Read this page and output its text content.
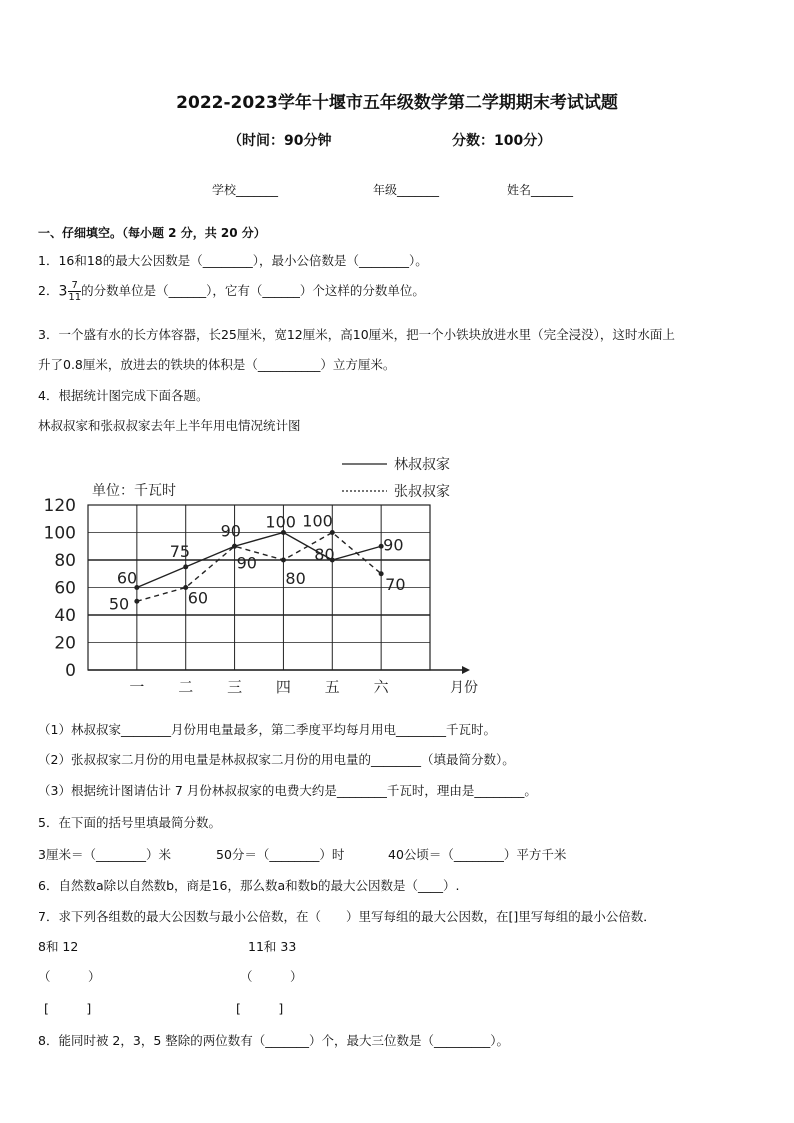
2022-2023学年十堰市五年级数学第二学期期末考试试题
（时间：90分钟	分数：100分）
学校_______	年级_______	姓名_______
一、仔细填空。（每小题 2 分，共 20 分）
1．16和18的最大公因数是（________），最小公倍数是（________）。
2．$3 \frac{7}{11}$ 的分数单位是（______），它有（______）个这样的分数单位。
3．一个盛有水的长方体容器，长25厘米，宽12厘米，高10厘米，把一个小铁块放进水里（完全浸没），这时水面上
升了0.8厘米，放进去的铁块的体积是（__________）立方厘米。
4．根据统计图完成下面各题。
林叔叔家和张叔叔家去年上半年用电情况统计图
0
20
40
60
80
100
120
一 二 三 四 五 六	月份
单位：千瓦时
60
75
90 100
80
90
50	60
90
80
100
70
林叔叔家
张叔叔家
（1）林叔叔家________月份用电量最多，第二季度平均每月用电________千瓦时。
（2）张叔叔家二月份的用电量是林叔叔家二月份的用电量的________（填最简分数）。
（3）根据统计图请估计 7 月份林叔叔家的电费大约是________千瓦时，理由是________。
5．在下面的括号里填最简分数。
3厘米＝（________）米	50分＝（________）时	40公顷＝（________）平方千米
6．自然数a除以自然数b，商是16，那么数a和数b的最大公因数是（____）.
7．求下列各组数的最大公因数与最小公倍数，在（　　）里写每组的最大公因数，在[]里写每组的最小公倍数．
8和 12	11和 33
（　　　）	（　　　）
[　　　]	[　　　]
8．能同时被 2，3，5 整除的两位数有（_______）个，最大三位数是（_________）。
